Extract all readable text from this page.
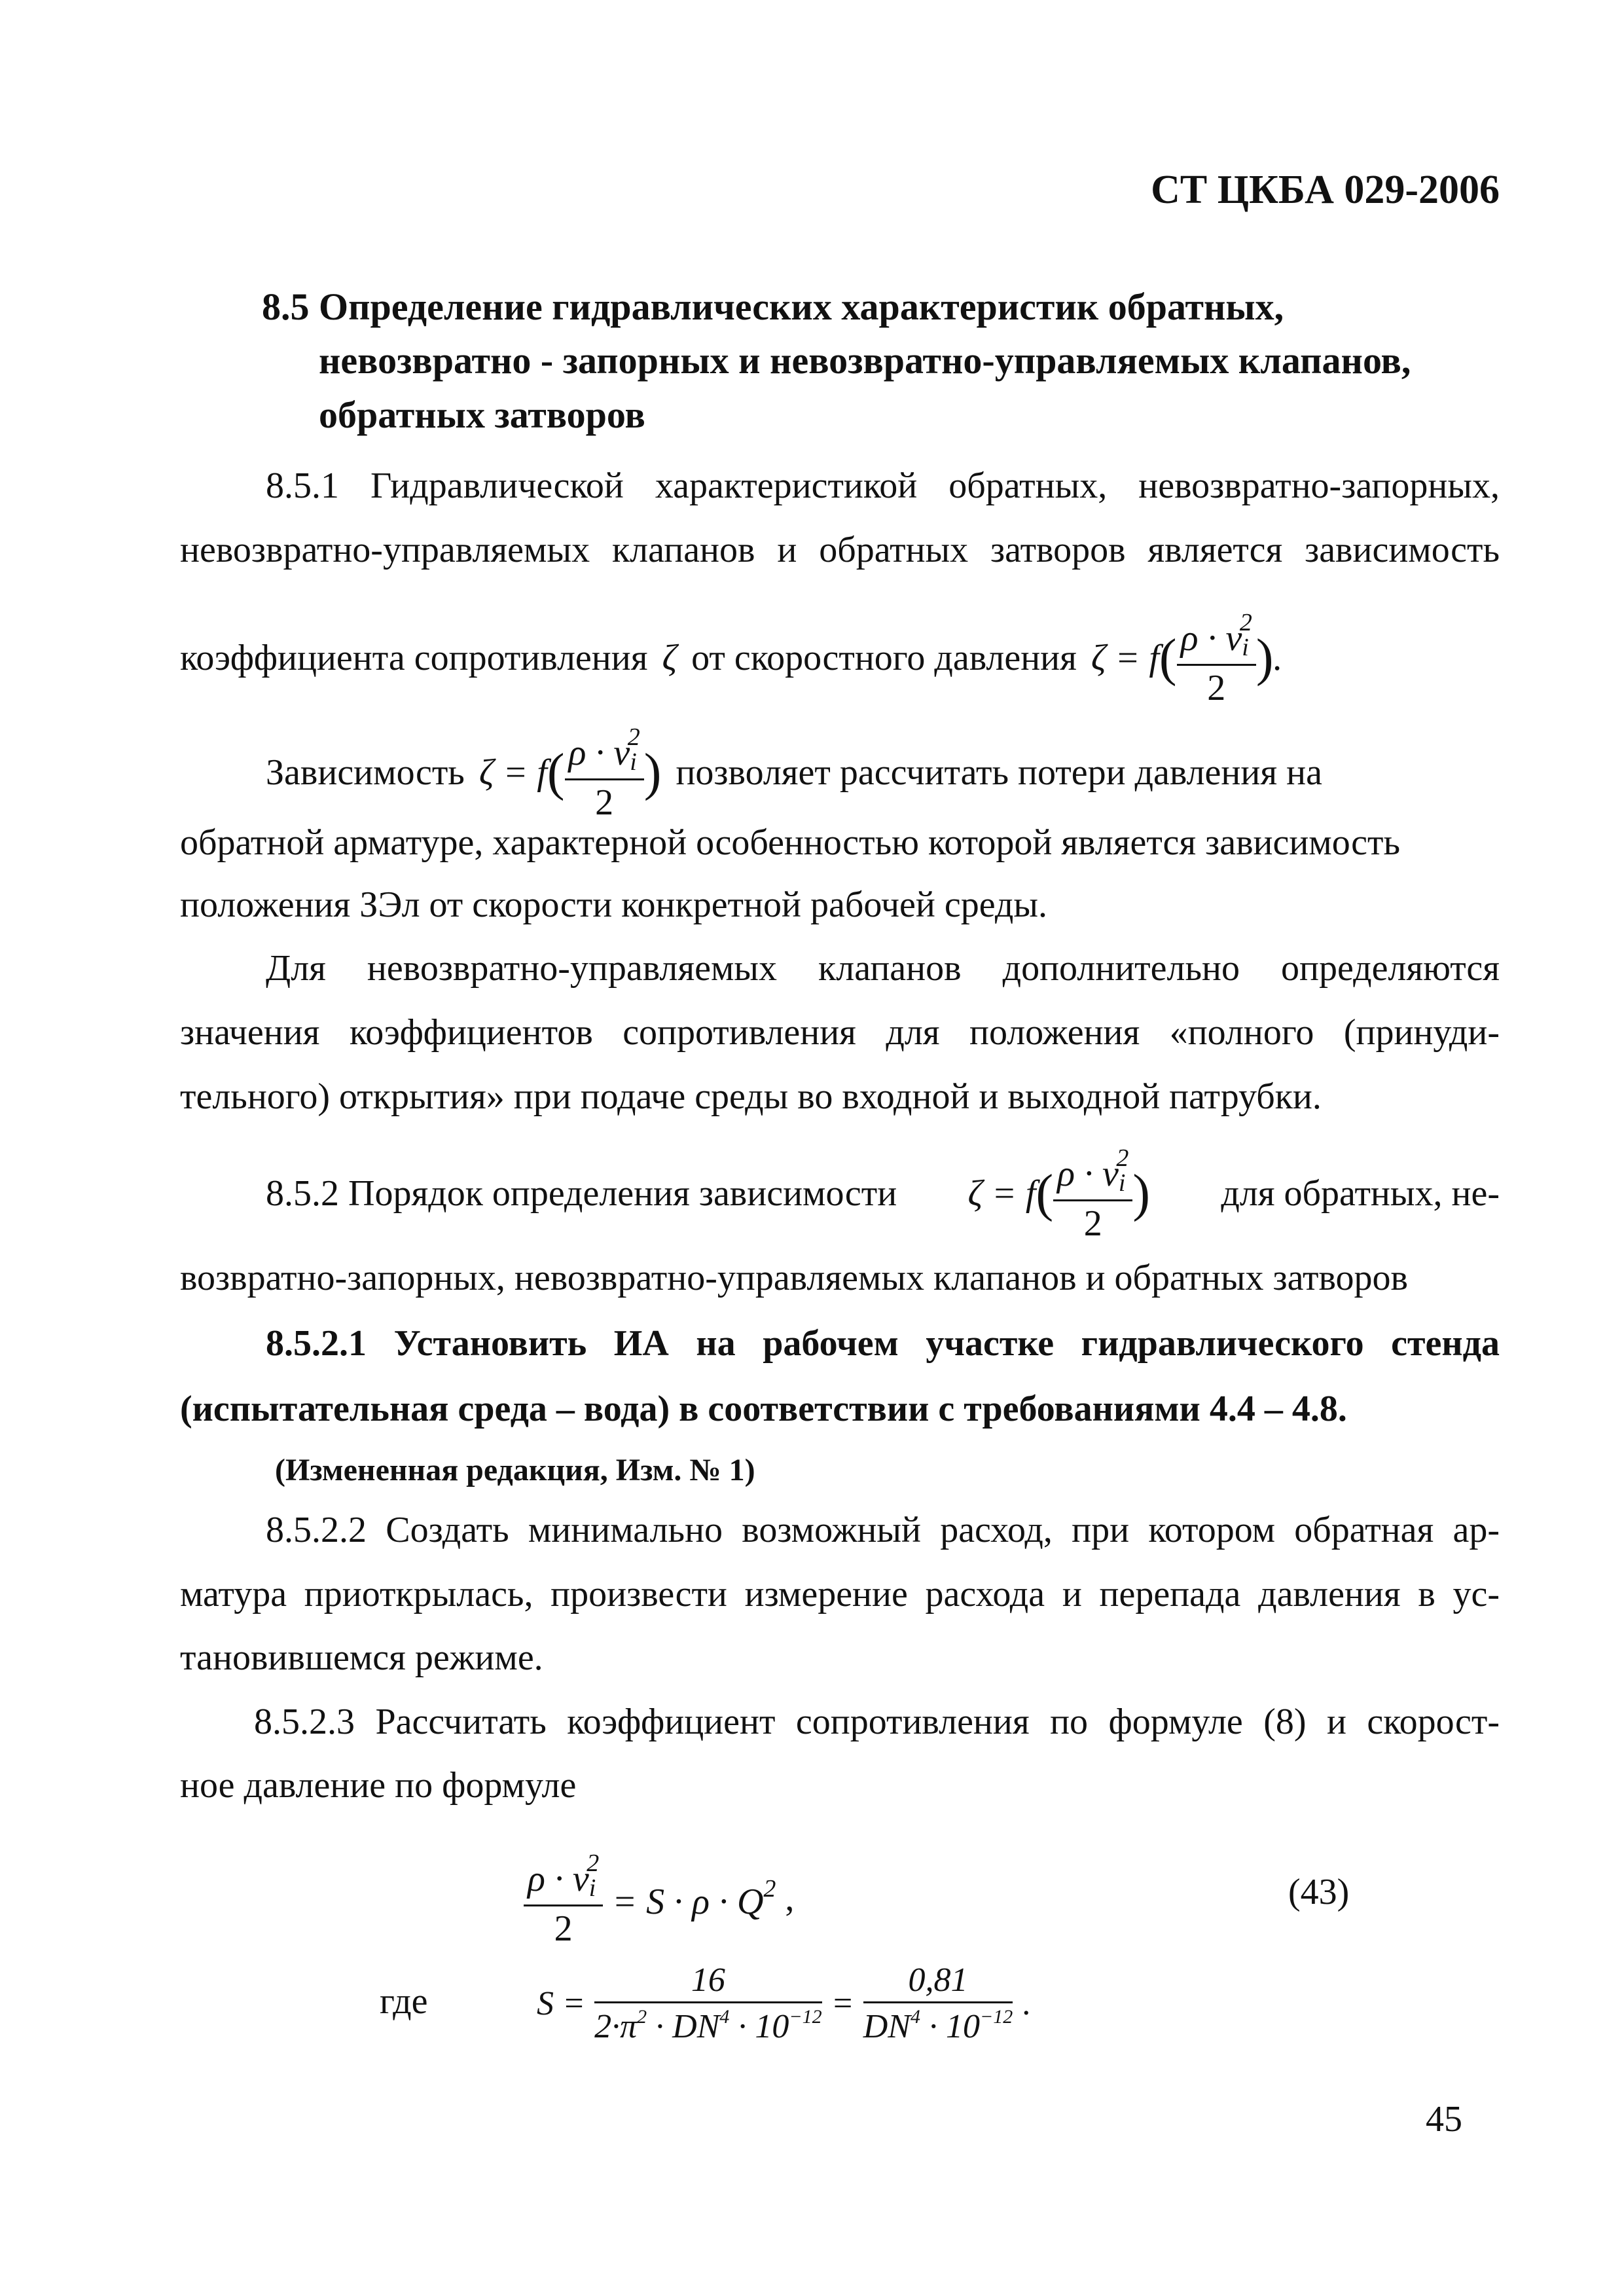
СТ ЦКБА 029-2006
8.5 Определение гидравлических характеристик обратных,
невозвратно - запорных и невозвратно-управляемых клапанов,
обратных затворов
8.5.1 Гидравлической характеристикой обратных, невозвратно-запорных,
невозвратно-управляемых клапанов и обратных затворов является зависимость
коэффициента сопротивления ζ от скоростного давления ζ = f ( $\frac{\rho \cdot v_i^2}{2}$ ) .
Зависимость ζ = f ( $\frac{\rho \cdot v_i^2}{2}$ ) позволяет рассчитать потери давления на
обратной арматуре, характерной особенностью которой является зависимость
положения ЗЭл от скорости конкретной рабочей среды.
Для невозвратно-управляемых клапанов дополнительно определяются
значения коэффициентов сопротивления для положения «полного (принуди-
тельного) открытия» при подаче среды во входной и выходной патрубки.
8.5.2 Порядок определения зависимости ζ = f ( $\frac{\rho \cdot v_i^2}{2}$ ) для обратных, не-
возвратно-запорных, невозвратно-управляемых клапанов и обратных затворов
8.5.2.1 Установить ИА на рабочем участке гидравлического стенда
(испытательная среда – вода) в соответствии с требованиями 4.4 – 4.8.
(Измененная редакция, Изм. № 1)
8.5.2.2 Создать минимально возможный расход, при котором обратная ар-
матура приоткрылась, произвести измерение расхода и перепада давления в ус-
тановившемся режиме.
8.5.2.3 Рассчитать коэффициент сопротивления по формуле (8) и скорост-
ное давление по формуле
$\frac{\rho \cdot v_i^2}{2} = S \cdot \rho \cdot Q^2$ ,	(43)
где	$S = \frac{16}{2\cdot\pi^2 \cdot DN^4 \cdot 10^{-12}} = \frac{0,81}{DN^4 \cdot 10^{-12}}$ .
45
